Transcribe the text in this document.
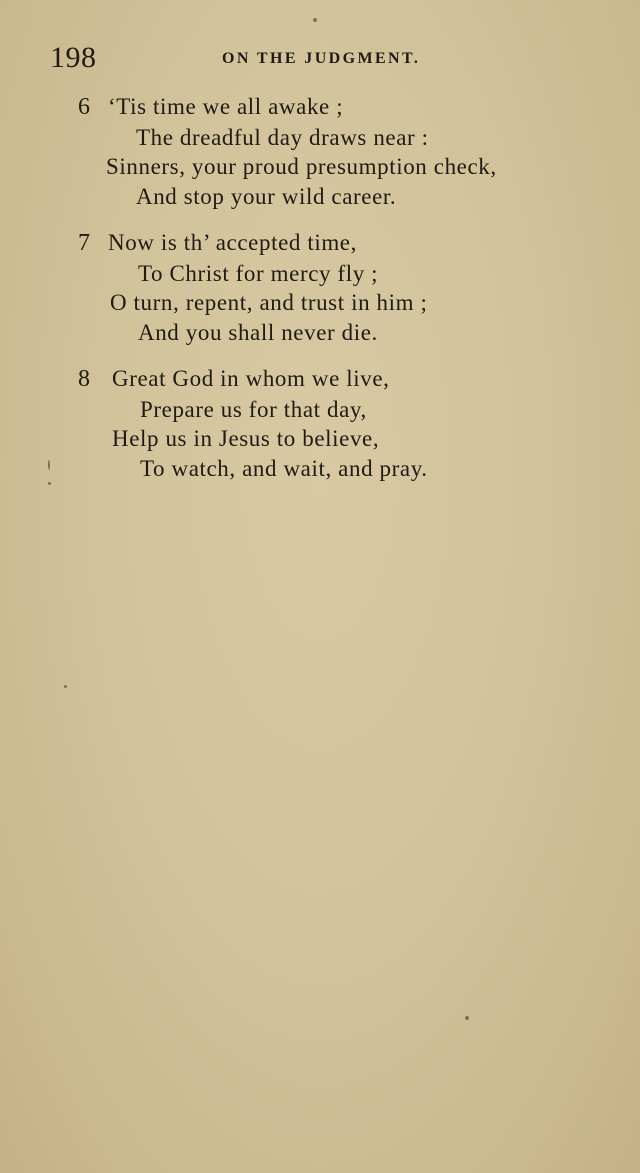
198	ON THE JUDGMENT.
6 ‘Tis time we all awake ;
The dreadful day draws near :
Sinners, your proud presumption check,
And stop your wild career.
7 Now is th’ accepted time,
To Christ for mercy fly ;
O turn, repent, and trust in him ;
And you shall never die.
8 Great God in whom we live,
Prepare us for that day,
Help us in Jesus to believe,
To watch, and wait, and pray.
